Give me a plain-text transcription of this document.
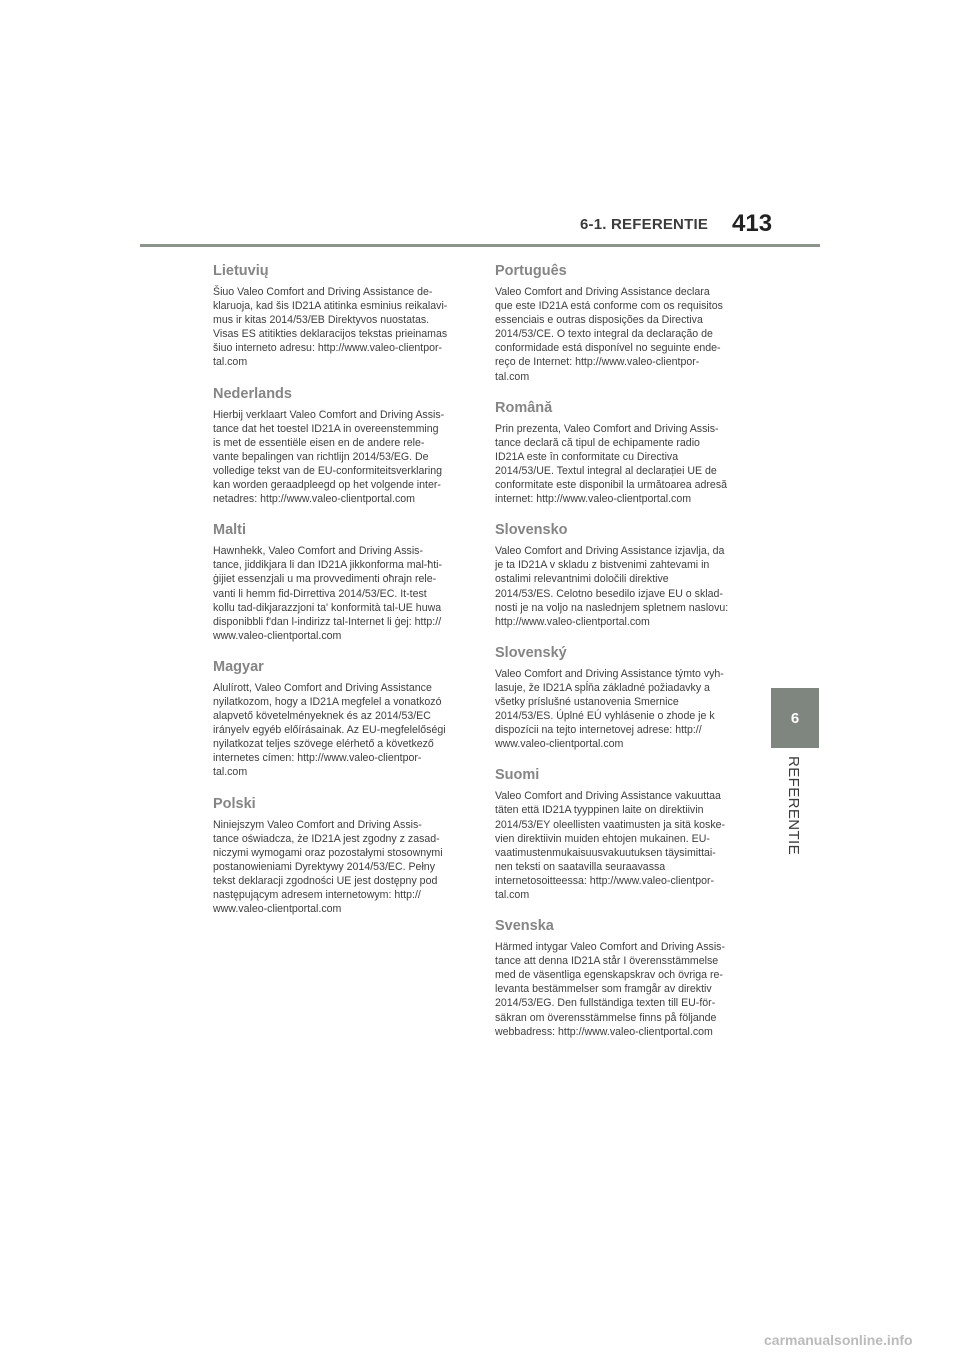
6-1. REFERENTIE 413
6
REFERENTIE
Lietuvių

Šiuo Valeo Comfort and Driving Assistance de-
klaruoja, kad šis ID21A atitinka esminius reikalavi-
mus ir kitas 2014/53/EB Direktyvos nuostatas.
Visas ES atitikties deklaracijos tekstas prieinamas
šiuo interneto adresu: http://www.valeo-clientpor-
tal.com

Nederlands

Hierbij verklaart Valeo Comfort and Driving Assis-
tance dat het toestel ID21A in overeenstemming
is met de essentiële eisen en de andere rele-
vante bepalingen van richtlijn 2014/53/EG. De
volledige tekst van de EU-conformiteitsverklaring
kan worden geraadpleegd op het volgende inter-
netadres: http://www.valeo-clientportal.com

Malti

Hawnhekk, Valeo Comfort and Driving Assis-
tance, jiddikjara li dan ID21A jikkonforma mal-ħti-
ġijiet essenzjali u ma provvedimenti oħrajn rele-
vanti li hemm fid-Dirrettiva 2014/53/EC. It-test
kollu tad-dikjarazzjoni ta' konformità tal-UE huwa
disponibbli f'dan l-indirizz tal-Internet li ġej: http://
www.valeo-clientportal.com

Magyar

Alulírott, Valeo Comfort and Driving Assistance
nyilatkozom, hogy a ID21A megfelel a vonatkozó
alapvető követelményeknek és az 2014/53/EC
irányelv egyéb előírásainak. Az EU-megfelelőségi
nyilatkozat teljes szövege elérhető a következő
internetes címen: http://www.valeo-clientpor-
tal.com

Polski

Niniejszym Valeo Comfort and Driving Assis-
tance oświadcza, że ID21A jest zgodny z zasad-
niczymi wymogami oraz pozostałymi stosownymi
postanowieniami Dyrektywy 2014/53/EC. Pełny
tekst deklaracji zgodności UE jest dostępny pod
następującym adresem internetowym: http://
www.valeo-clientportal.com

Português

Valeo Comfort and Driving Assistance declara
que este ID21A está conforme com os requisitos
essenciais e outras disposições da Directiva
2014/53/CE. O texto integral da declaração de
conformidade está disponível no seguinte ende-
reço de Internet: http://www.valeo-clientpor-
tal.com

Română

Prin prezenta, Valeo Comfort and Driving Assis-
tance declară că tipul de echipamente radio
ID21A este în conformitate cu Directiva
2014/53/UE. Textul integral al declarației UE de
conformitate este disponibil la următoarea adresă
internet: http://www.valeo-clientportal.com

Slovensko

Valeo Comfort and Driving Assistance izjavlja, da
je ta ID21A v skladu z bistvenimi zahtevami in
ostalimi relevantnimi določili direktive
2014/53/ES. Celotno besedilo izjave EU o sklad-
nosti je na voljo na naslednjem spletnem naslovu:
http://www.valeo-clientportal.com

Slovenský

Valeo Comfort and Driving Assistance týmto vyh-
lasuje, že ID21A spĺňa základné požiadavky a
všetky príslušné ustanovenia Smernice
2014/53/ES. Úplné EÚ vyhlásenie o zhode je k
dispozícii na tejto internetovej adrese: http://
www.valeo-clientportal.com

Suomi

Valeo Comfort and Driving Assistance vakuuttaa
täten että ID21A tyyppinen laite on direktiivin
2014/53/EY oleellisten vaatimusten ja sitä koske-
vien direktiivin muiden ehtojen mukainen. EU-
vaatimustenmukaisuusvakuutuksen täysimittai-
nen teksti on saatavilla seuraavassa
internetosoitteessa: http://www.valeo-clientpor-
tal.com

Svenska

Härmed intygar Valeo Comfort and Driving Assis-
tance att denna ID21A står I överensstämmelse
med de väsentliga egenskapskrav och övriga re-
levanta bestämmelser som framgår av direktiv
2014/53/EG. Den fullständiga texten till EU-för-
säkran om överensstämmelse finns på följande
webbadress: http://www.valeo-clientportal.com

carmanualsonline.info
